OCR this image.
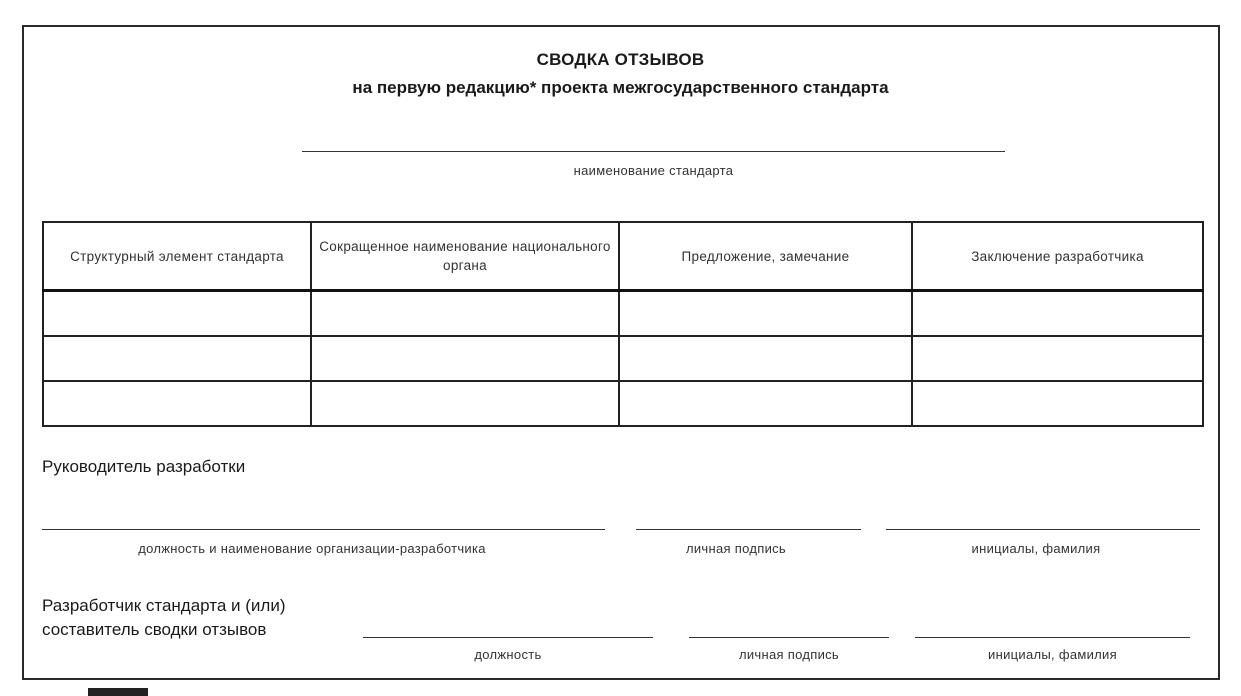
СВОДКА ОТЗЫВОВ
на первую редакцию* проекта межгосударственного стандарта
наименование стандарта
Структурный элемент стандарта	Сокращенное наименование национального органа	Предложение, замечание	Заключение разработчика

Руководитель разработки
должность и наименование организации-разработчика	личная подпись	инициалы, фамилия
Разработчик стандарта и (или)
составитель сводки отзывов
должность	личная подпись	инициалы, фамилия
